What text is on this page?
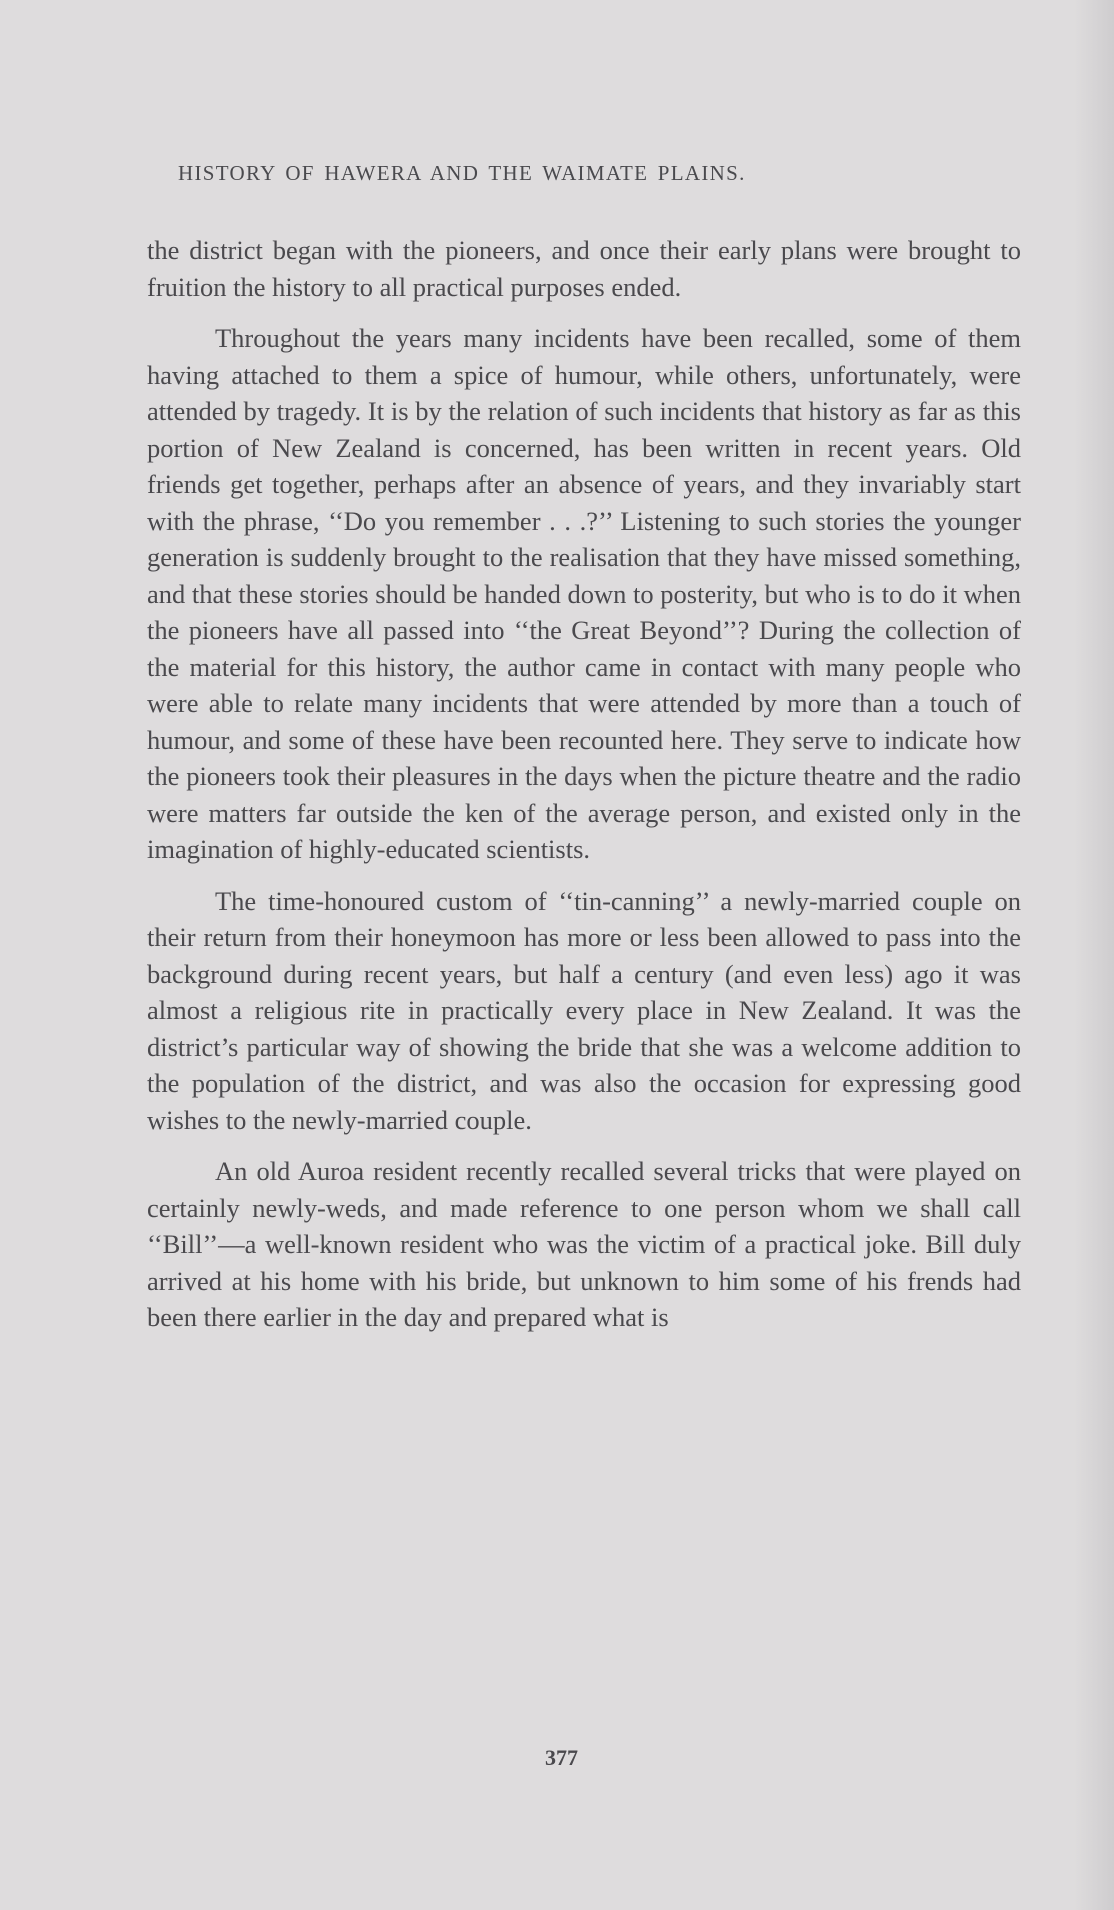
HISTORY OF HAWERA AND THE WAIMATE PLAINS.

the district began with the pioneers, and once their early plans were brought to fruition the history to all practical purposes ended.

Throughout the years many incidents have been recalled, some of them having attached to them a spice of humour, while others, unfortunately, were attended by tragedy. It is by the relation of such incidents that history as far as this portion of New Zealand is concerned, has been written in recent years. Old friends get together, perhaps after an absence of years, and they invariably start with the phrase, ‘‘Do you remember . . .?’’ Listening to such stories the younger generation is suddenly brought to the realisation that they have missed something, and that these stories should be handed down to posterity, but who is to do it when the pioneers have all passed into ‘‘the Great Beyond’’? During the collection of the material for this history, the author came in contact with many people who were able to relate many incidents that were attended by more than a touch of humour, and some of these have been recounted here. They serve to indicate how the pioneers took their pleasures in the days when the picture theatre and the radio were matters far outside the ken of the average person, and existed only in the imagination of highly-educated scientists.

The time-honoured custom of ‘‘tin-canning’’ a newly-married couple on their return from their honeymoon has more or less been allowed to pass into the background during recent years, but half a century (and even less) ago it was almost a religious rite in practically every place in New Zealand. It was the district’s particular way of showing the bride that she was a welcome addition to the population of the district, and was also the occasion for expressing good wishes to the newly-married couple.

An old Auroa resident recently recalled several tricks that were played on certainly newly-weds, and made reference to one person whom we shall call ‘‘Bill’’—a well-known resident who was the victim of a practical joke. Bill duly arrived at his home with his bride, but unknown to him some of his frends had been there earlier in the day and prepared what is

377
